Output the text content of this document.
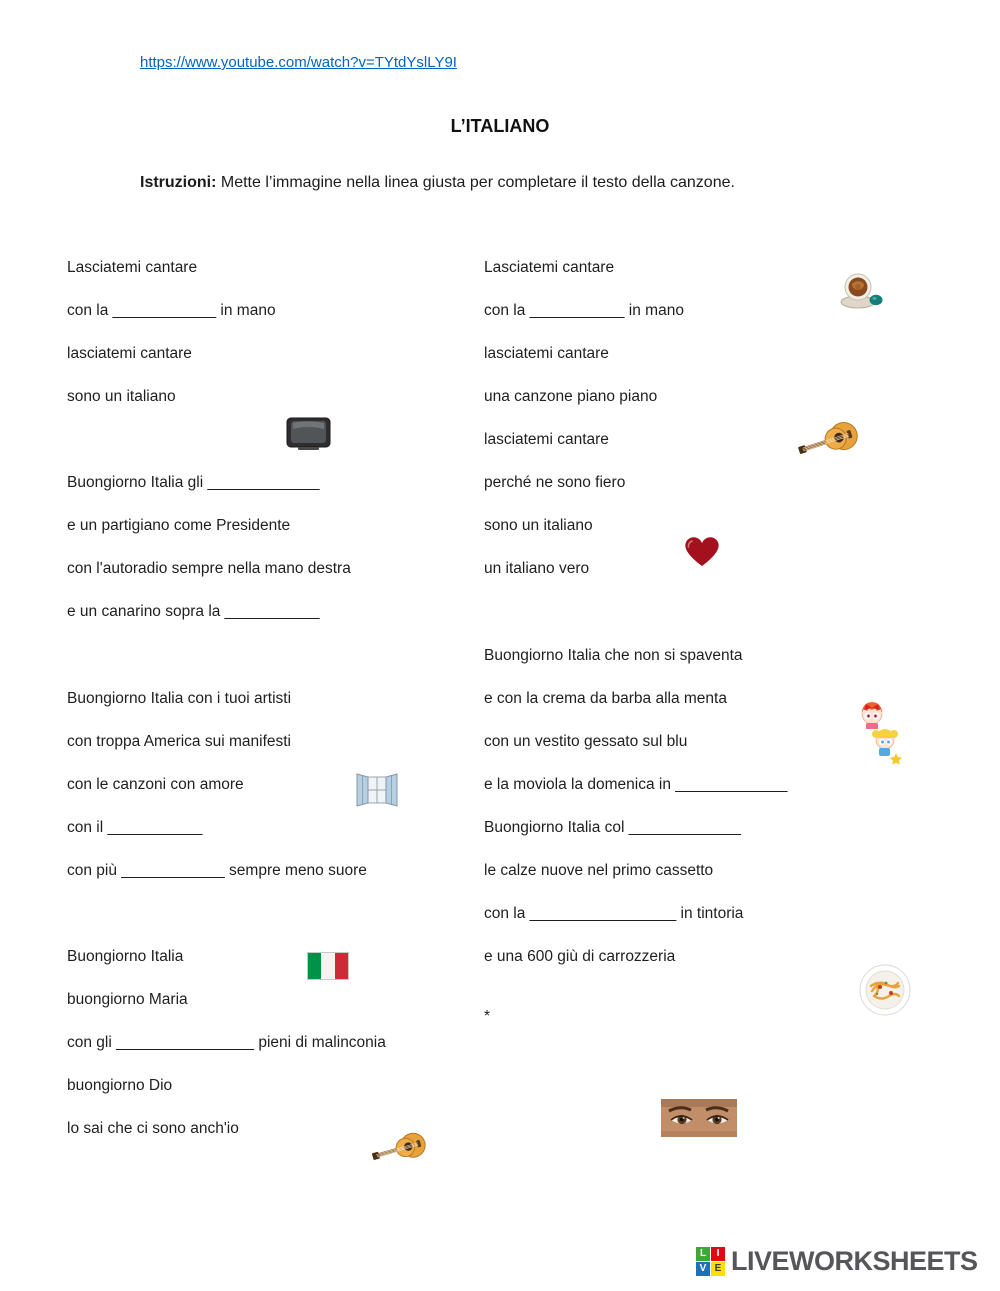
https://www.youtube.com/watch?v=TYtdYslLY9I
L’ITALIANO
Istruzioni: Mette l’immagine nella linea giusta per completare il testo della canzone.
Lasciatemi cantare
con la ____________ in mano
lasciatemi cantare
sono un italiano
Buongiorno Italia gli _____________
e un partigiano come Presidente
con l'autoradio sempre nella mano destra
e un canarino sopra la ___________
Buongiorno Italia con i tuoi artisti
con troppa America sui manifesti
con le canzoni con amore
con il ___________
con più ____________ sempre meno suore
Buongiorno Italia
buongiorno Maria
con gli ________________ pieni di malinconia
buongiorno Dio
lo sai che ci sono anch'io
Lasciatemi cantare
con la ___________ in mano
lasciatemi cantare
una canzone piano piano
lasciatemi cantare
perché ne sono fiero
sono un italiano
un italiano vero
Buongiorno Italia che non si spaventa
e con la crema da barba alla menta
con un vestito gessato sul blu
e la moviola la domenica in _____________
Buongiorno Italia col _____________
le calze nuove nel primo cassetto
con la _________________ in tintoria
e una 600 giù di carrozzeria
*
L	I
V E LIVEWORKSHEETS
